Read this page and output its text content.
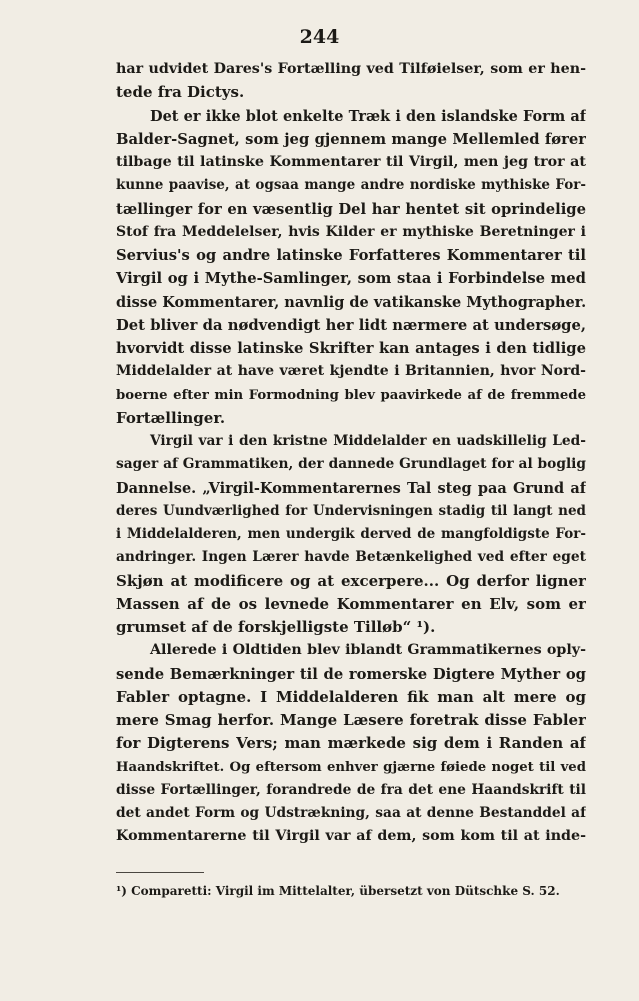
244
har udvidet Dares's Fortælling ved Tilføielser, som er hen-
tede fra Dictys.
Det er ikke blot enkelte Træk i den islandske Form af
Balder-Sagnet, som jeg gjennem mange Mellemled fører
tilbage til latinske Kommentarer til Virgil, men jeg tror at
kunne paavise, at ogsaa mange andre nordiske mythiske For-
tællinger for en væsentlig Del har hentet sit oprindelige
Stof fra Meddelelser, hvis Kilder er mythiske Beretninger i
Servius's og andre latinske Forfatteres Kommentarer til
Virgil og i Mythe-Samlinger, som staa i Forbindelse med
disse Kommentarer, navnlig de vatikanske Mythographer.
Det bliver da nødvendigt her lidt nærmere at undersøge,
hvorvidt disse latinske Skrifter kan antages i den tidlige
Middelalder at have været kjendte i Britannien, hvor Nord-
boerne efter min Formodning blev paavirkede af de fremmede
Fortællinger.
Virgil var i den kristne Middelalder en uadskillelig Led-
sager af Grammatiken, der dannede Grundlaget for al boglig
Dannelse. „Virgil-Kommentarernes Tal steg paa Grund af
deres Uundværlighed for Undervisningen stadig til langt ned
i Middelalderen, men undergik derved de mangfoldigste For-
andringer. Ingen Lærer havde Betænkelighed ved efter eget
Skjøn at modificere og at excerpere... Og derfor ligner
Massen af de os levnede Kommentarer en Elv, som er
grumset af de forskjelligste Tilløb“ ¹).
Allerede i Oldtiden blev iblandt Grammatikernes oply-
sende Bemærkninger til de romerske Digtere Myther og
Fabler optagne. I Middelalderen fik man alt mere og
mere Smag herfor. Mange Læsere foretrak disse Fabler
for Digterens Vers; man mærkede sig dem i Randen af
Haandskriftet. Og eftersom enhver gjærne føiede noget til ved
disse Fortællinger, forandrede de fra det ene Haandskrift til
det andet Form og Udstrækning, saa at denne Bestanddel af
Kommentarerne til Virgil var af dem, som kom til at inde-

¹) Comparetti: Virgil im Mittelalter, übersetzt von Dütschke S. 52.
